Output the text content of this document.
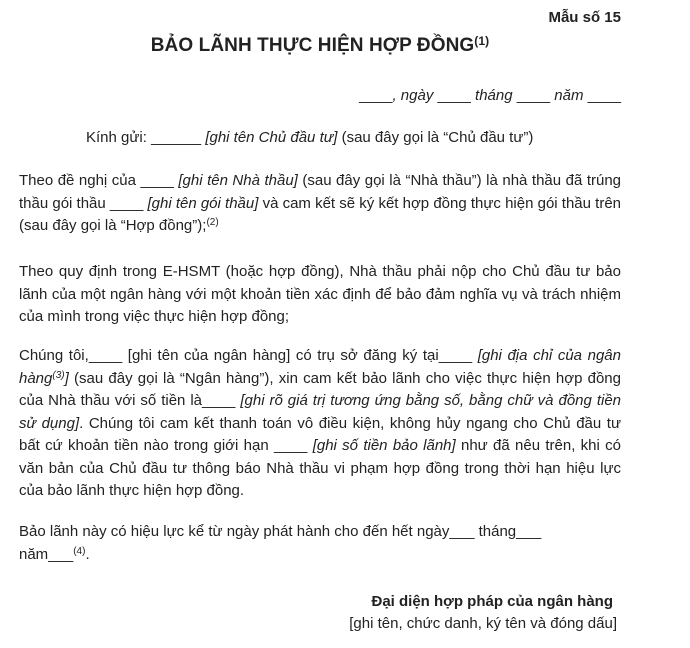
Mẫu số 15
BẢO LÃNH THỰC HIỆN HỢP ĐỒNG$^{(1)}$
____, ngày ____ tháng ____ năm ____
Kính gửi: ______ [ghi tên Chủ đầu tư] (sau đây gọi là “Chủ đầu tư”)
Theo đề nghị của ____ [ghi tên Nhà thầu] (sau đây gọi là “Nhà thầu”) là nhà thầu đã trúng thầu gói thầu ____ [ghi tên gói thầu] và cam kết sẽ ký kết hợp đồng thực hiện gói thầu trên (sau đây gọi là “Hợp đồng”);$^{(2)}$
Theo quy định trong E-HSMT (hoặc hợp đồng), Nhà thầu phải nộp cho Chủ đầu tư bảo lãnh của một ngân hàng với một khoản tiền xác định để bảo đảm nghĩa vụ và trách nhiệm của mình trong việc thực hiện hợp đồng;
Chúng tôi,____ [ghi tên của ngân hàng] có trụ sở đăng ký tại____ [ghi địa chỉ của ngân hàng$^{(3)}$] (sau đây gọi là “Ngân hàng”), xin cam kết bảo lãnh cho việc thực hiện hợp đồng của Nhà thầu với số tiền là____ [ghi rõ giá trị tương ứng bằng số, bằng chữ và đồng tiền sử dụng]. Chúng tôi cam kết thanh toán vô điều kiện, không hủy ngang cho Chủ đầu tư bất cứ khoản tiền nào trong giới hạn ____ [ghi số tiền bảo lãnh] như đã nêu trên, khi có văn bản của Chủ đầu tư thông báo Nhà thầu vi phạm hợp đồng trong thời hạn hiệu lực của bảo lãnh thực hiện hợp đồng.
Bảo lãnh này có hiệu lực kể từ ngày phát hành cho đến hết ngày___ tháng___
năm___$^{(4)}$.
Đại diện hợp pháp của ngân hàng
[ghi tên, chức danh, ký tên và đóng dấu]
